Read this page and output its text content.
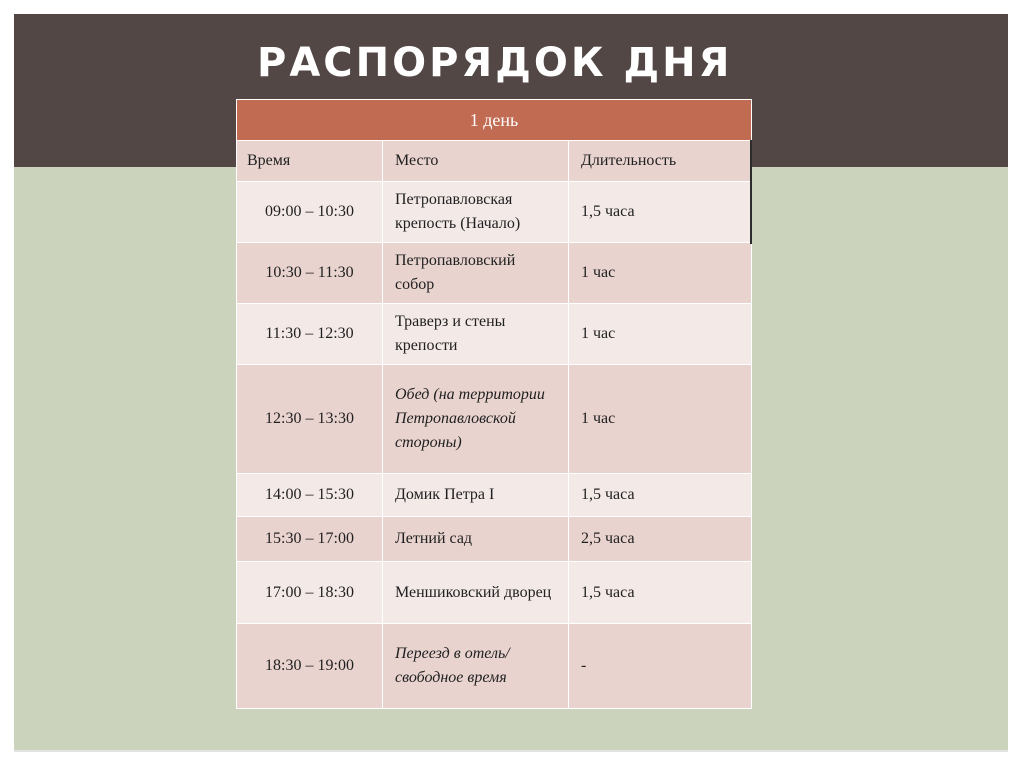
РАСПОРЯДОК ДНЯ
1 день		
Время	Место	Длительность
09:00 – 10:30	Петропавловская крепость (Начало)	1,5 часа
10:30 – 11:30	Петропавловский собор	1 час
11:30 – 12:30	Траверз и стены крепости	1 час
12:30 – 13:30	Обед (на территории Петропавловской стороны)	1 час
14:00 – 15:30	Домик Петра I	1,5 часа
15:30 – 17:00	Летний сад	2,5 часа
17:00 – 18:30	Меншиковский дворец	1,5 часа
18:30 – 19:00	Переезд в отель/свободное время	-
